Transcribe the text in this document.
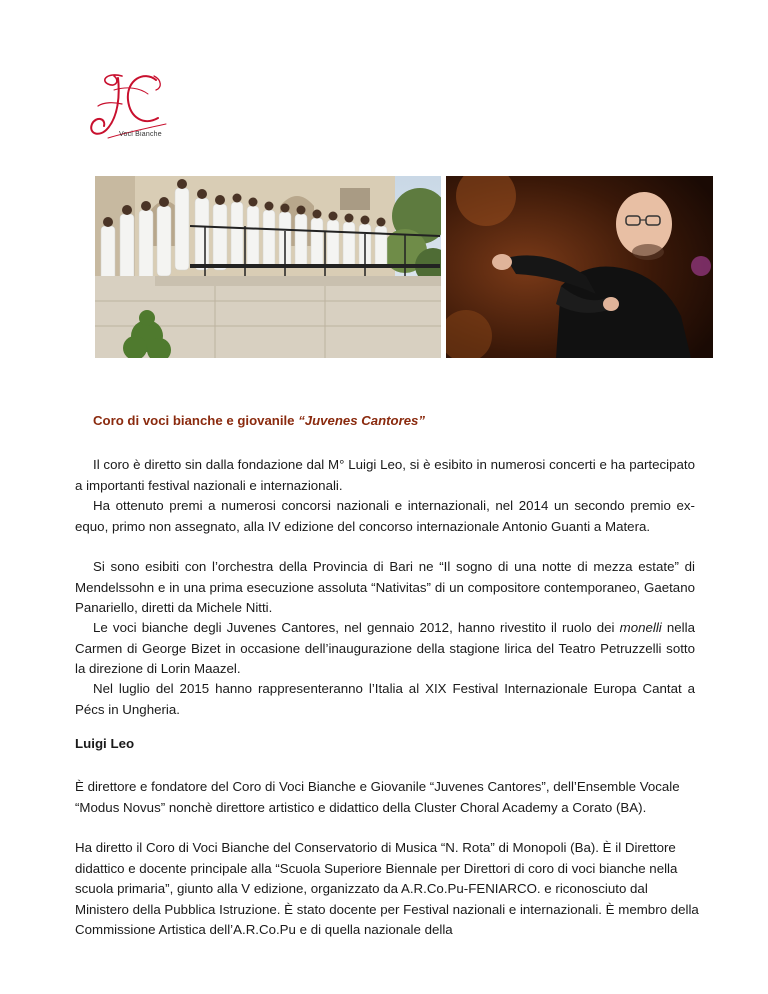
Voci Bianche
Coro di voci bianche e giovanile “Juvenes Cantores”

Il coro è diretto sin dalla fondazione dal M° Luigi Leo, si è esibito in numerosi concerti e ha partecipato a importanti festival nazionali e internazionali.

Ha ottenuto premi a numerosi concorsi nazionali e internazionali, nel 2014 un secondo premio ex-equo, primo non assegnato, alla IV edizione del concorso internazionale Antonio Guanti a Matera.

Si sono esibiti con l’orchestra della Provincia di Bari ne “Il sogno di una notte di mezza estate” di Mendelssohn e in una prima esecuzione assoluta “Nativitas” di un compositore contemporaneo, Gaetano Panariello, diretti da Michele Nitti.

Le voci bianche degli Juvenes Cantores, nel gennaio 2012, hanno rivestito il ruolo dei monelli nella Carmen di George Bizet in occasione dell’inaugurazione della stagione lirica del Teatro Petruzzelli sotto la direzione di Lorin Maazel.

Nel luglio del 2015 hanno rappresenteranno l’Italia al XIX Festival Internazionale Europa Cantat a Pécs in Ungheria.

Luigi Leo

È direttore e fondatore del Coro di Voci Bianche e Giovanile “Juvenes Cantores”, dell’Ensemble Vocale “Modus Novus” nonchè direttore artistico e didattico della Cluster Choral Academy a Corato (BA).

Ha diretto il Coro di Voci Bianche del Conservatorio di Musica “N. Rota” di Monopoli (Ba). È il Direttore didattico e docente principale alla “Scuola Superiore Biennale per Direttori di coro di voci bianche nella scuola primaria”, giunto alla V edizione, organizzato da A.R.Co.Pu-FENIARCO. e riconosciuto dal Ministero della Pubblica Istruzione. È stato docente per Festival nazionali e internazionali. È membro della Commissione Artistica dell’A.R.Co.Pu e di quella nazionale della
